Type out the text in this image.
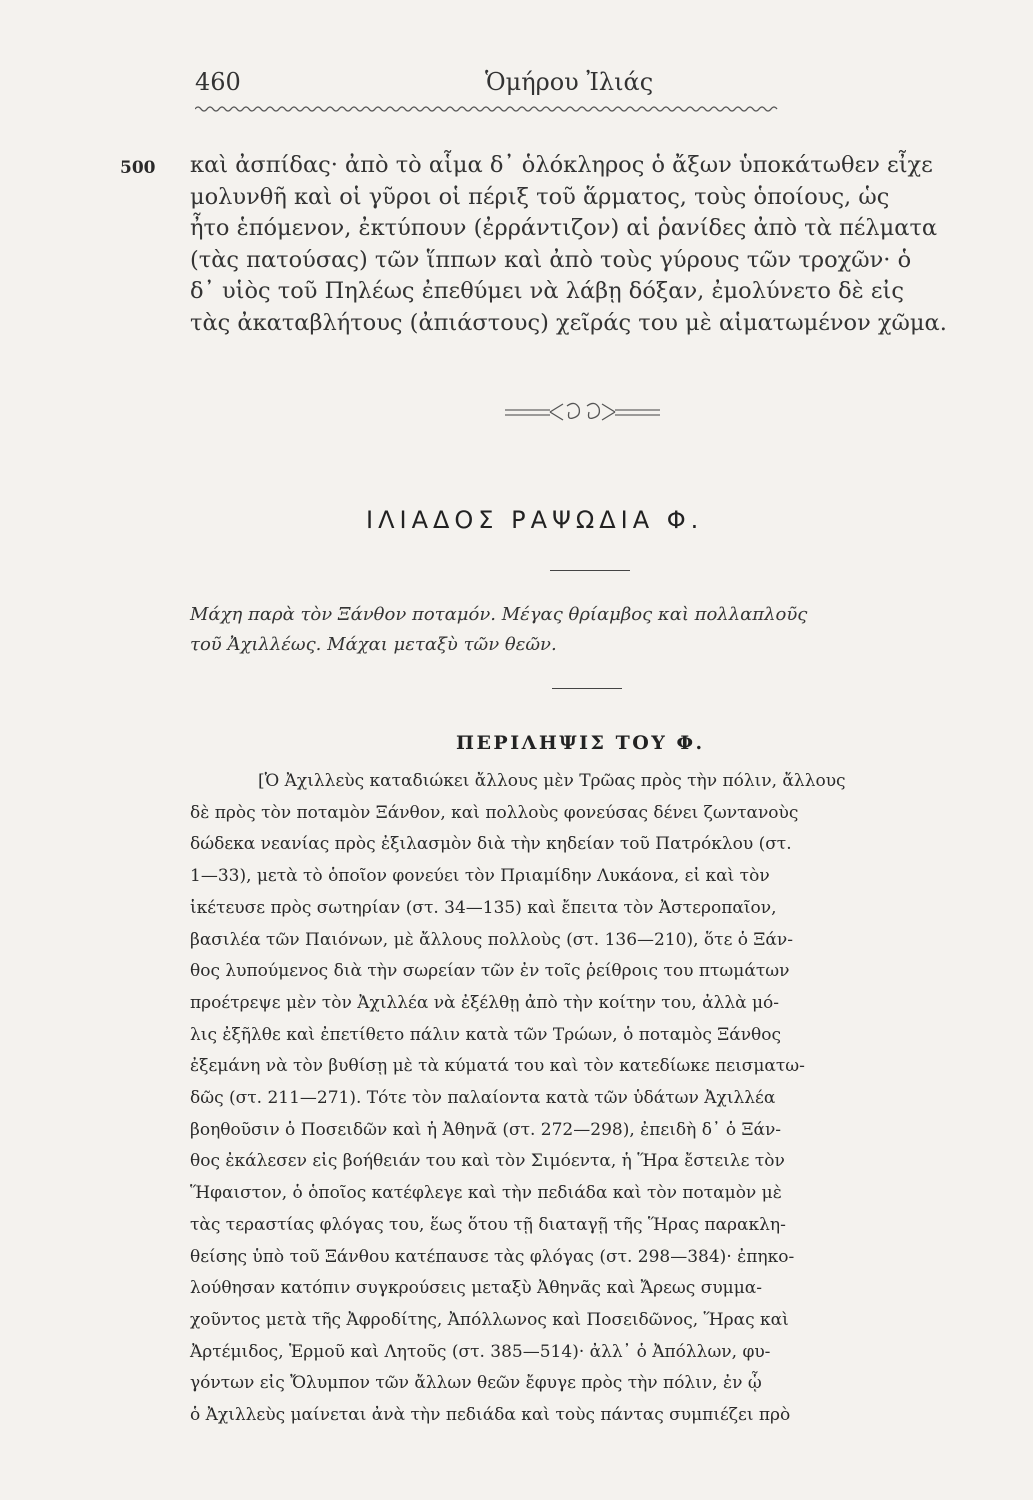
460	Ὁμήρου Ἰλιάς
500 καὶ ἀσπίδας· ἀπὸ τὸ αἷμα δ᾽ ὁλόκληρος ὁ ἄξων ὑποκάτωθεν εἶχε
μολυνθῆ καὶ οἱ γῦροι οἱ πέριξ τοῦ ἅρματος, τοὺς ὁποίους, ὡς
ἦτο ἑπόμενον, ἐκτύπουν (ἐρράντιζον) αἱ ῥανίδες ἀπὸ τὰ πέλματα
(τὰς πατούσας) τῶν ἵππων καὶ ἀπὸ τοὺς γύρους τῶν τροχῶν· ὁ
δ᾽ υἱὸς τοῦ Πηλέως ἐπεθύμει νὰ λάβῃ δόξαν, ἐμολύνετο δὲ εἰς
τὰς ἀκαταβλήτους (ἀπιάστους) χεῖράς του μὲ αἱματωμένον χῶμα.
ΙΛΙΑΔΟΣ ΡΑΨΩΔΙΑ Φ.
Μάχη παρὰ τὸν Ξάνθον ποταμόν. Μέγας θρίαμβος καὶ πολλαπλοῦς
τοῦ Ἀχιλλέως. Μάχαι μεταξὺ τῶν θεῶν.
ΠΕΡΙΛΗΨΙΣ ΤΟΥ Φ.
[Ὁ Ἀχιλλεὺς καταδιώκει ἄλλους μὲν Τρῶας πρὸς τὴν πόλιν, ἄλλους
δὲ πρὸς τὸν ποταμὸν Ξάνθον, καὶ πολλοὺς φονεύσας δένει ζωντανοὺς
δώδεκα νεανίας πρὸς ἐξιλασμὸν διὰ τὴν κηδείαν τοῦ Πατρόκλου (στ.
1—33), μετὰ τὸ ὁποῖον φονεύει τὸν Πριαμίδην Λυκάονα, εἰ καὶ τὸν
ἱκέτευσε πρὸς σωτηρίαν (στ. 34—135) καὶ ἔπειτα τὸν Ἀστεροπαῖον,
βασιλέα τῶν Παιόνων, μὲ ἄλλους πολλοὺς (στ. 136—210), ὅτε ὁ Ξάν-
θος λυπούμενος διὰ τὴν σωρείαν τῶν ἐν τοῖς ῥείθροις του πτωμάτων
προέτρεψε μὲν τὸν Ἀχιλλέα νὰ ἐξέλθῃ ἀπὸ τὴν κοίτην του, ἀλλὰ μό-
λις ἐξῆλθε καὶ ἐπετίθετο πάλιν κατὰ τῶν Τρώων, ὁ ποταμὸς Ξάνθος
ἐξεμάνη νὰ τὸν βυθίσῃ μὲ τὰ κύματά του καὶ τὸν κατεδίωκε πεισματω-
δῶς (στ. 211—271). Τότε τὸν παλαίοντα κατὰ τῶν ὑδάτων Ἀχιλλέα
βοηθοῦσιν ὁ Ποσειδῶν καὶ ἡ Ἀθηνᾶ (στ. 272—298), ἐπειδὴ δ᾽ ὁ Ξάν-
θος ἐκάλεσεν εἰς βοήθειάν του καὶ τὸν Σιμόεντα, ἡ Ἥρα ἔστειλε τὸν
Ἥφαιστον, ὁ ὁποῖος κατέφλεγε καὶ τὴν πεδιάδα καὶ τὸν ποταμὸν μὲ
τὰς τεραστίας φλόγας του, ἕως ὅτου τῇ διαταγῇ τῆς Ἥρας παρακλη-
θείσης ὑπὸ τοῦ Ξάνθου κατέπαυσε τὰς φλόγας (στ. 298—384)· ἐπηκο-
λούθησαν κατόπιν συγκρούσεις μεταξὺ Ἀθηνᾶς καὶ Ἄρεως συμμα-
χοῦντος μετὰ τῆς Ἀφροδίτης, Ἀπόλλωνος καὶ Ποσειδῶνος, Ἥρας καὶ
Ἀρτέμιδος, Ἑρμοῦ καὶ Λητοῦς (στ. 385—514)· ἀλλ᾽ ὁ Ἀπόλλων, φυ-
γόντων εἰς Ὄλυμπον τῶν ἄλλων θεῶν ἔφυγε πρὸς τὴν πόλιν, ἐν ᾧ
ὁ Ἀχιλλεὺς μαίνεται ἀνὰ τὴν πεδιάδα καὶ τοὺς πάντας συμπιέζει πρὸ
